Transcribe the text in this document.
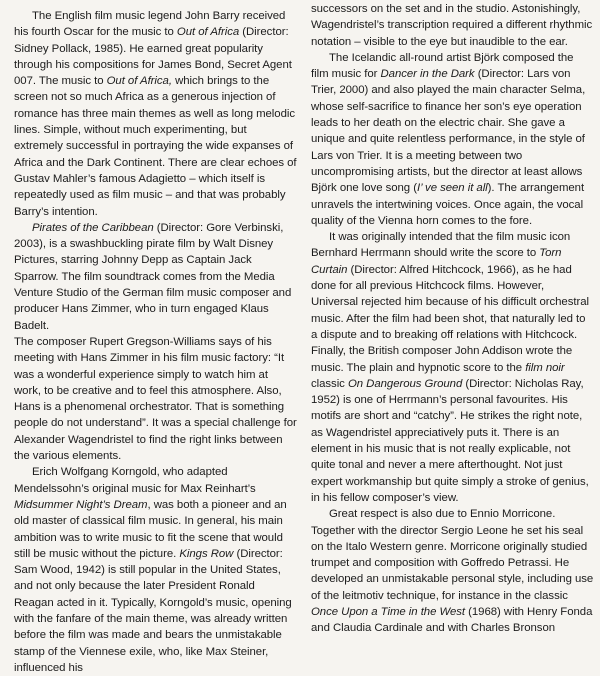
The English film music legend John Barry received his fourth Oscar for the music to Out of Africa (Director: Sidney Pollack, 1985). He earned great popularity through his compositions for James Bond, Secret Agent 007. The music to Out of Africa, which brings to the screen not so much Africa as a generous injection of romance has three main themes as well as long melodic lines. Simple, without much experimenting, but extremely successful in portraying the wide expanses of Africa and the Dark Continent. There are clear echoes of Gustav Mahler’s famous Adagietto – which itself is repeatedly used as film music – and that was probably Barry’s intention.

Pirates of the Caribbean (Director: Gore Verbinski, 2003), is a swashbuckling pirate film by Walt Disney Pictures, starring Johnny Depp as Captain Jack Sparrow. The film soundtrack comes from the Media Venture Studio of the German film music composer and producer Hans Zimmer, who in turn engaged Klaus Badelt.

The composer Rupert Gregson-Williams says of his meeting with Hans Zimmer in his film music factory: “It was a wonderful experience simply to watch him at work, to be creative and to feel this atmosphere. Also, Hans is a phenomenal orchestrator. That is something people do not understand”. It was a special challenge for Alexander Wagendristel to find the right links between the various elements.

Erich Wolfgang Korngold, who adapted Mendelssohn’s original music for Max Reinhart’s Midsummer Night’s Dream, was both a pioneer and an old master of classical film music. In general, his main ambition was to write music to fit the scene that would still be music without the picture. Kings Row (Director: Sam Wood, 1942) is still popular in the United States, and not only because the later President Ronald Reagan acted in it. Typically, Korngold’s music, opening with the fanfare of the main theme, was already written before the film was made and bears the unmistakable stamp of the Viennese exile, who, like Max Steiner, influenced his

successors on the set and in the studio. Astonishingly, Wagendristel’s transcription required a different rhythmic notation – visible to the eye but inaudible to the ear.

The Icelandic all-round artist Björk composed the film music for Dancer in the Dark (Director: Lars von Trier, 2000) and also played the main character Selma, whose self-sacrifice to finance her son’s eye operation leads to her death on the electric chair. She gave a unique and quite relentless performance, in the style of Lars von Trier. It is a meeting between two uncompromising artists, but the director at least allows Björk one love song (I’ ve seen it all). The arrangement unravels the intertwining voices. Once again, the vocal quality of the Vienna horn comes to the fore.

It was originally intended that the film music icon Bernhard Herrmann should write the score to Torn Curtain (Director: Alfred Hitchcock, 1966), as he had done for all previous Hitchcock films. However, Universal rejected him because of his difficult orchestral music. After the film had been shot, that naturally led to a dispute and to breaking off relations with Hitchcock. Finally, the British composer John Addison wrote the music. The plain and hypnotic score to the film noir classic On Dangerous Ground (Director: Nicholas Ray, 1952) is one of Herrmann’s personal favourites. His motifs are short and “catchy”. He strikes the right note, as Wagendristel appreciatively puts it. There is an element in his music that is not really explicable, not quite tonal and never a mere afterthought. Not just expert workmanship but quite simply a stroke of genius, in his fellow composer’s view.

Great respect is also due to Ennio Morricone. Together with the director Sergio Leone he set his seal on the Italo Western genre. Morricone originally studied trumpet and composition with Goffredo Petrassi. He developed an unmistakable personal style, including use of the leitmotiv technique, for instance in the classic Once Upon a Time in the West (1968) with Henry Fonda and Claudia Cardinale and with Charles Bronson
